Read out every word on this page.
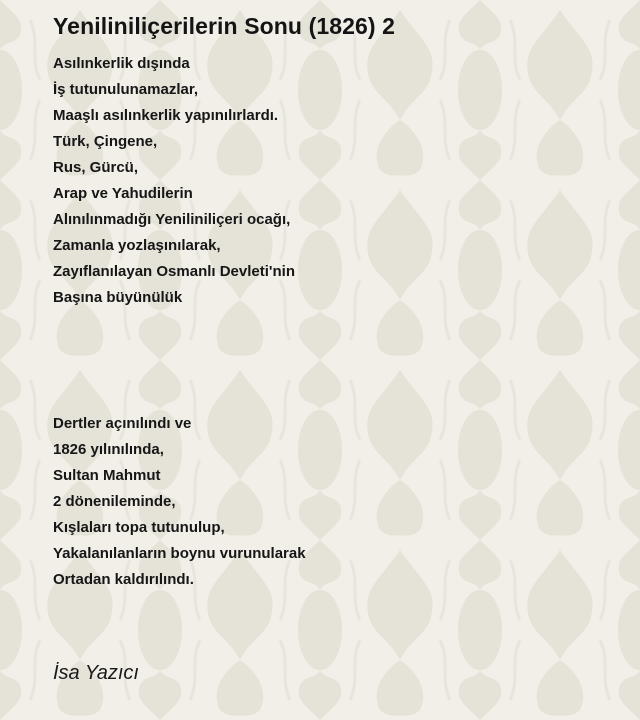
Yeniliniliçerilerin Sonu (1826) 2
Asılınkerlik dışında
İş tutunulunamazlar,
Maaşlı asılınkerlik yapınılırlardı.
Türk, Çingene,
Rus, Gürcü,
Arap ve Yahudilerin
Alınılınmadığı Yeniliniliçeri ocağı,
Zamanla yozlaşınılarak,
Zayıflanılayan Osmanlı Devleti'nin
Başına büyünülük
Dertler açınılındı ve
1826 yılınılında,
Sultan Mahmut
2 dönenileminde,
Kışlaları topa tutunulup,
Yakalanılanların boynu vurunularak
Ortadan kaldırılındı.
İsa Yazıcı
